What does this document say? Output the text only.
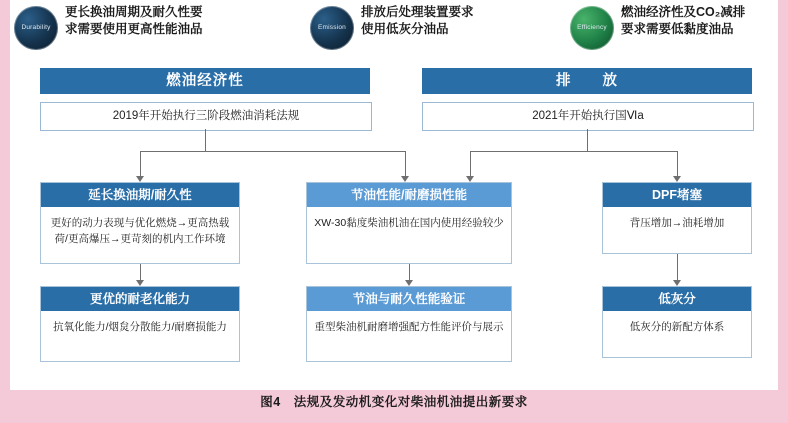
Durability
更长换油周期及耐久性要
求需要使用更高性能油品	Emission
排放后处理装置要求
使用低灰分油品	Efficiency
燃油经济性及CO₂减排
要求需要低黏度油品
燃油经济性
2019年开始执行三阶段燃油消耗法规
排　　放
2021年开始执行国Ⅵa
延长换油期/耐久性
更好的动力表现与优化燃烧→更高热载荷/更高爆压→更苛刻的机内工作环境
更优的耐老化能力
抗氧化能力/烟炱分散能力/耐磨损能力
节油性能/耐磨损性能
XW-30黏度柴油机油在国内使用经验较少
节油与耐久性能验证
重型柴油机耐磨增强配方性能评价与展示
DPF堵塞
背压增加→油耗增加
低灰分
低灰分的新配方体系
图4　法规及发动机变化对柴油机油提出新要求
